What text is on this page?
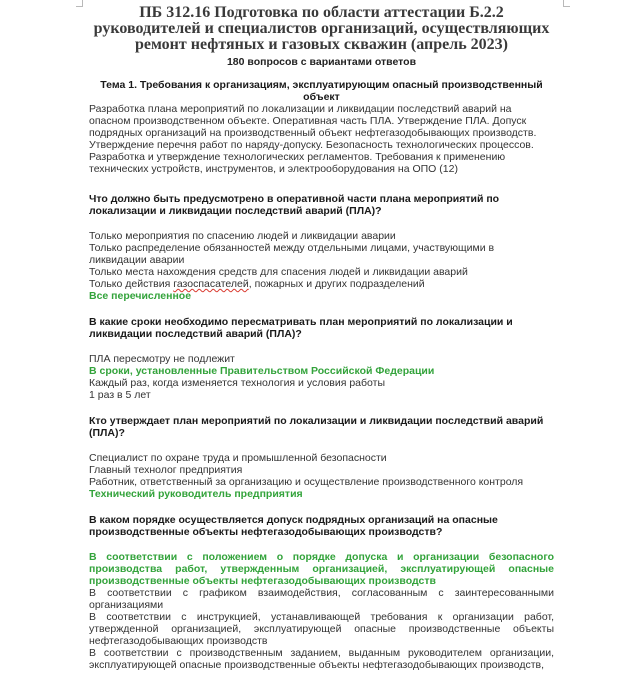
ПБ 312.16 Подготовка по области аттестации Б.2.2 руководителей и специалистов организаций, осуществляющих ремонт нефтяных и газовых скважин (апрель 2023)
180 вопросов с вариантами ответов
Тема 1. Требования к организациям, эксплуатирующим опасный производственный объект
Разработка плана мероприятий по локализации и ликвидации последствий аварий на опасном производственном объекте. Оперативная часть ПЛА. Утверждение ПЛА. Допуск подрядных организаций на производственный объект нефтегазодобывающих производств. Утверждение перечня работ по наряду-допуску. Безопасность технологических процессов. Разработка и утверждение технологических регламентов. Требования к применению технических устройств, инструментов, и электрооборудования на ОПО (12)
Что должно быть предусмотрено в оперативной части плана мероприятий по локализации и ликвидации последствий аварий (ПЛА)?
Только мероприятия по спасению людей и ликвидации аварии
Только распределение обязанностей между отдельными лицами, участвующими в ликвидации аварии
Только места нахождения средств для спасения людей и ликвидации аварий
Только действия газоспасателей, пожарных и других подразделений
Все перечисленное
В какие сроки необходимо пересматривать план мероприятий по локализации и ликвидации последствий аварий (ПЛА)?
ПЛА пересмотру не подлежит
В сроки, установленные Правительством Российской Федерации
Каждый раз, когда изменяется технология и условия работы
1 раз в 5 лет
Кто утверждает план мероприятий по локализации и ликвидации последствий аварий (ПЛА)?
Специалист по охране труда и промышленной безопасности
Главный технолог предприятия
Работник, ответственный за организацию и осуществление производственного контроля
Технический руководитель предприятия
В каком порядке осуществляется допуск подрядных организаций на опасные производственные объекты нефтегазодобывающих производств?
В соответствии с положением о порядке допуска и организации безопасного производства работ, утвержденным организацией, эксплуатирующей опасные производственные объекты нефтегазодобывающих производств
В соответствии с графиком взаимодействия, согласованным с заинтересованными организациями
В соответствии с инструкцией, устанавливающей требования к организации работ, утвержденной организацией, эксплуатирующей опасные производственные объекты нефтегазодобывающих производств
В соответствии с производственным заданием, выданным руководителем организации, эксплуатирующей опасные производственные объекты нефтегазодобывающих производств,
